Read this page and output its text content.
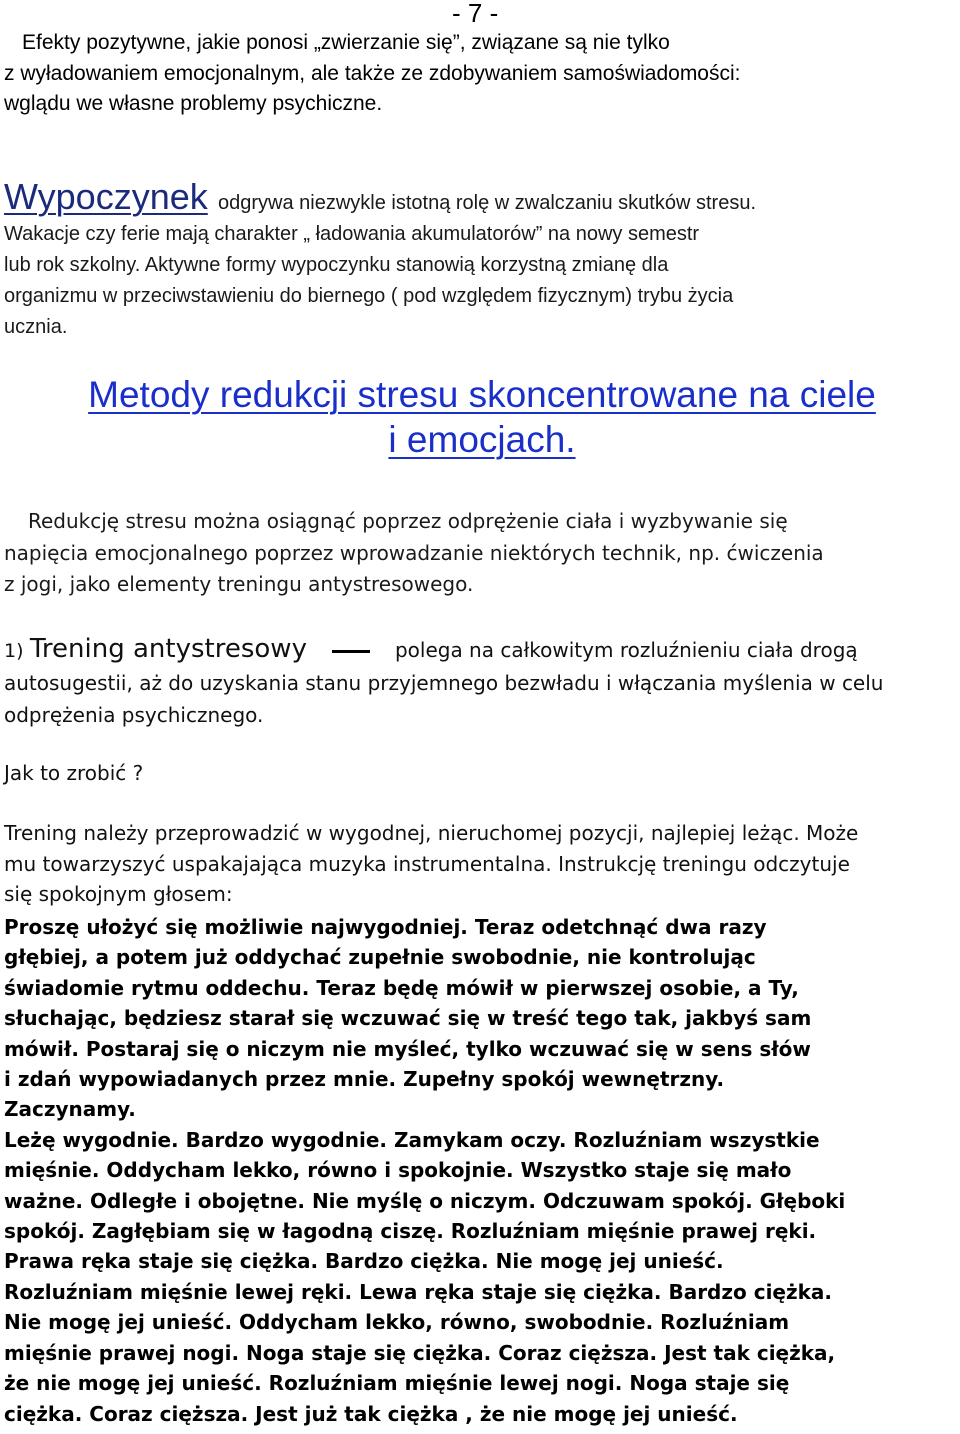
- 7 -
Efekty pozytywne, jakie ponosi „zwierzanie się”, związane są nie tylko
z wyładowaniem emocjonalnym, ale także ze zdobywaniem samoświadomości:
wglądu we własne problemy psychiczne.
Wypoczynek odgrywa niezwykle istotną rolę w zwalczaniu skutków stresu.
Wakacje czy ferie mają charakter „ ładowania akumulatorów” na nowy semestr
lub rok szkolny. Aktywne formy wypoczynku stanowią korzystną zmianę dla
organizmu w przeciwstawieniu do biernego ( pod względem fizycznym) trybu życia
ucznia.
Metody redukcji stresu skoncentrowane na ciele
i emocjach.
Redukcję stresu można osiągnąć poprzez odprężenie ciała i wyzbywanie się
napięcia emocjonalnego poprzez wprowadzanie niektórych technik, np. ćwiczenia
z jogi, jako elementy treningu antystresowego.
1) Trening antystresowy	polega na całkowitym rozluźnieniu ciała drogą
autosugestii, aż do uzyskania stanu przyjemnego bezwładu i włączania myślenia w celu
odprężenia psychicznego.
Jak to zrobić ?
Trening należy przeprowadzić w wygodnej, nieruchomej pozycji, najlepiej leżąc. Może
mu towarzyszyć uspakajająca muzyka instrumentalna. Instrukcję treningu odczytuje
się spokojnym głosem:
Proszę ułożyć się możliwie najwygodniej. Teraz odetchnąć dwa razy
głębiej, a potem już oddychać zupełnie swobodnie, nie kontrolując
świadomie rytmu oddechu. Teraz będę mówił w pierwszej osobie, a Ty,
słuchając, będziesz starał się wczuwać się w treść tego tak, jakbyś sam
mówił. Postaraj się o niczym nie myśleć, tylko wczuwać się w sens słów
i zdań wypowiadanych przez mnie. Zupełny spokój wewnętrzny.
Zaczynamy.
Leżę wygodnie. Bardzo wygodnie. Zamykam oczy. Rozluźniam wszystkie
mięśnie. Oddycham lekko, równo i spokojnie. Wszystko staje się mało
ważne. Odległe i obojętne. Nie myślę o niczym. Odczuwam spokój. Głęboki
spokój. Zagłębiam się w łagodną ciszę. Rozluźniam mięśnie prawej ręki.
Prawa ręka staje się ciężka. Bardzo ciężka. Nie mogę jej unieść.
Rozluźniam mięśnie lewej ręki. Lewa ręka staje się ciężka. Bardzo ciężka.
Nie mogę jej unieść. Oddycham lekko, równo, swobodnie. Rozluźniam
mięśnie prawej nogi. Noga staje się ciężka. Coraz cięższa. Jest tak ciężka,
że nie mogę jej unieść. Rozluźniam mięśnie lewej nogi. Noga staje się
ciężka. Coraz cięższa. Jest już tak ciężka , że nie mogę jej unieść.
